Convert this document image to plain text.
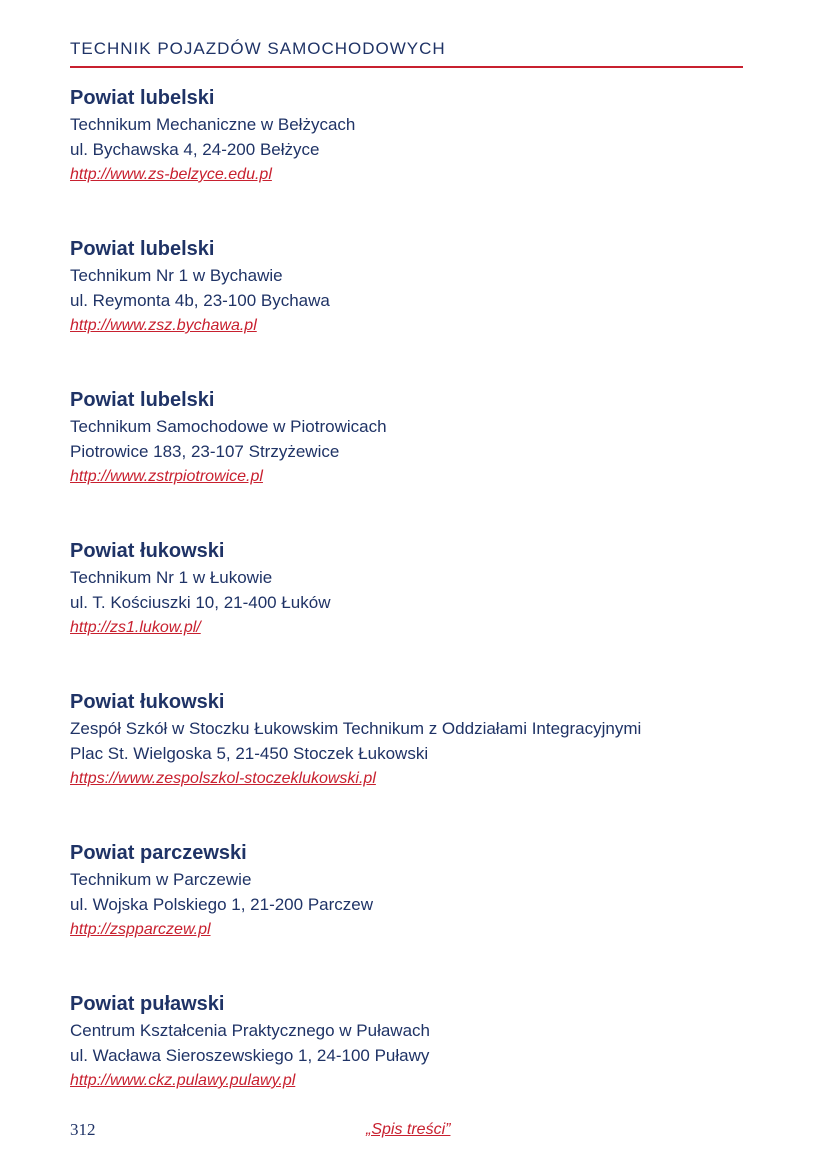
TECHNIK POJAZDÓW SAMOCHODOWYCH

Powiat lubelski

Technikum Mechaniczne w Bełżycach

ul. Bychawska 4, 24-200 Bełżyce

http://www.zs-belzyce.edu.pl

Powiat lubelski

Technikum Nr 1 w Bychawie

ul. Reymonta 4b, 23-100 Bychawa

http://www.zsz.bychawa.pl

Powiat lubelski

Technikum Samochodowe w Piotrowicach

Piotrowice 183, 23-107 Strzyżewice

http://www.zstrpiotrowice.pl

Powiat łukowski

Technikum Nr 1 w Łukowie

ul. T. Kościuszki 10, 21-400 Łuków

http://zs1.lukow.pl/

Powiat łukowski

Zespół Szkół w Stoczku Łukowskim Technikum z Oddziałami Integracyjnymi

Plac St. Wielgoska 5, 21-450 Stoczek Łukowski

https://www.zespolszkol-stoczeklukowski.pl

Powiat parczewski

Technikum w Parczewie

ul. Wojska Polskiego 1, 21-200 Parczew

http://zspparczew.pl

Powiat puławski

Centrum Kształcenia Praktycznego w Puławach

ul. Wacława Sieroszewskiego 1, 24-100 Puławy

http://www.ckz.pulawy.pulawy.pl
312	„Spis treści”
